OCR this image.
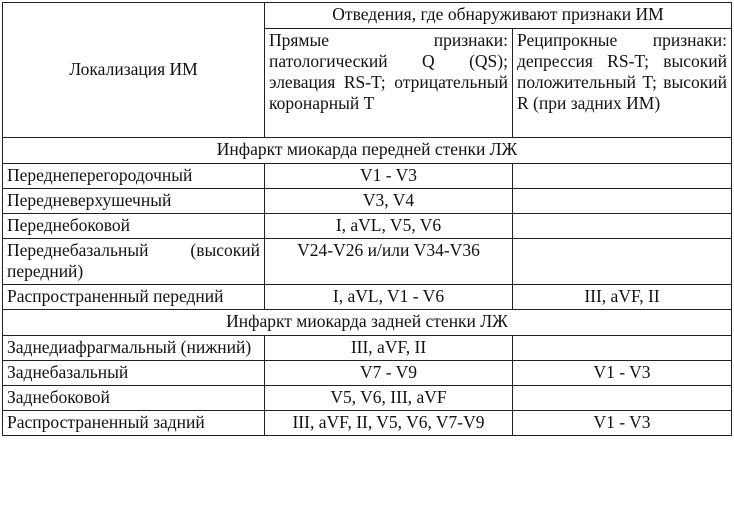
Локализация ИМ	Отведения, где обнаруживают признаки ИМ	
	Прямые признаки: патологический Q (QS); элевация RS-T; отрицательный коронарный T	Реципрокные признаки: депрессия RS-T; высокий положительный T; высокий R (при задних ИМ)
Инфаркт миокарда передней стенки ЛЖ		
Переднеперегородочный	V1 - V3	
Передневерхушечный	V3, V4	
Переднебоковой	I, aVL, V5, V6	
Переднебазальный (высокий передний)	V24-V26 и/или V34-V36	
Распространенный передний	I, aVL, V1 - V6	III, aVF, II
Инфаркт миокарда задней стенки ЛЖ		
Заднедиафрагмальный (нижний)	III, aVF, II	
Заднебазальный	V7 - V9	V1 - V3
Заднебоковой	V5, V6, III, aVF	
Распространенный задний	III, aVF, II, V5, V6, V7-V9	V1 - V3
